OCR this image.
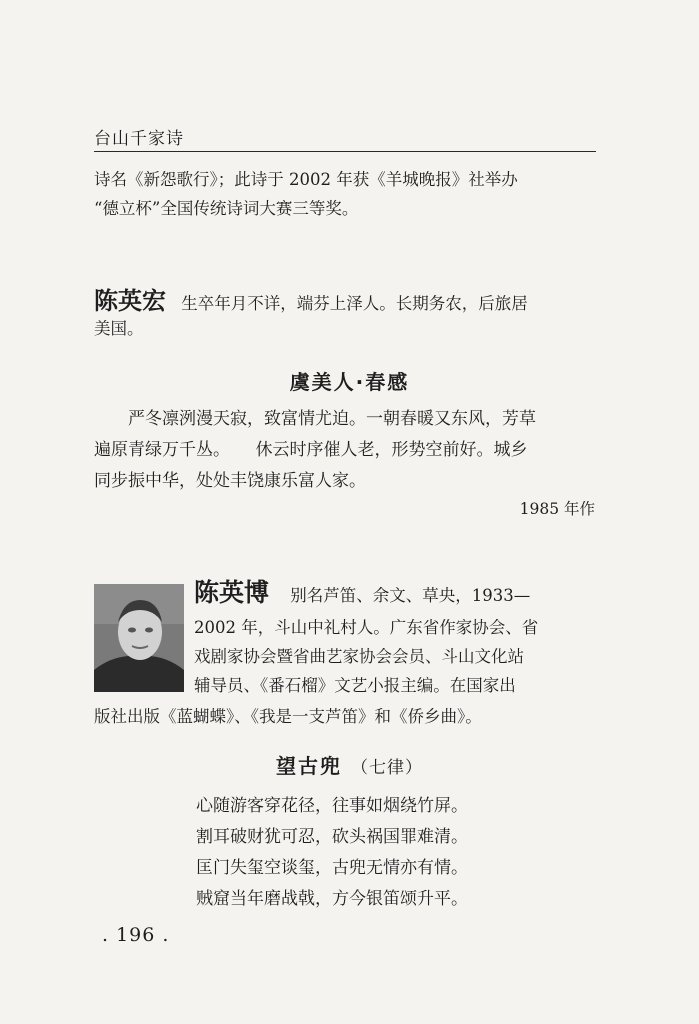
台山千家诗
诗名《新怨歌行》；此诗于 2002 年获《羊城晚报》社举办
“德立杯”全国传统诗词大赛三等奖。
陈英宏 生卒年月不详，端芬上泽人。长期务农，后旅居
美国。
虞美人·春感
严冬凛洌漫天寂，致富情尤迫。一朝春暖又东风，芳草
遍原青绿万千丛。　　休云时序催人老，形势空前好。城乡
同步振中华，处处丰饶康乐富人家。
1985 年作
陈英博 别名芦笛、余文、草央，1933—
2002 年，斗山中礼村人。广东省作家协会、省
戏剧家协会暨省曲艺家协会会员、斗山文化站
辅导员、《番石榴》文艺小报主编。在国家出
版社出版《蓝蝴蝶》、《我是一支芦笛》和《侨乡曲》。
望古兜 （七律）
心随游客穿花径，往事如烟绕竹屏。
割耳破财犹可忍，砍头祸国罪难清。
匡门失玺空谈玺，古兜无情亦有情。
贼窟当年磨战戟，方今银笛颂升平。
. 196 .
